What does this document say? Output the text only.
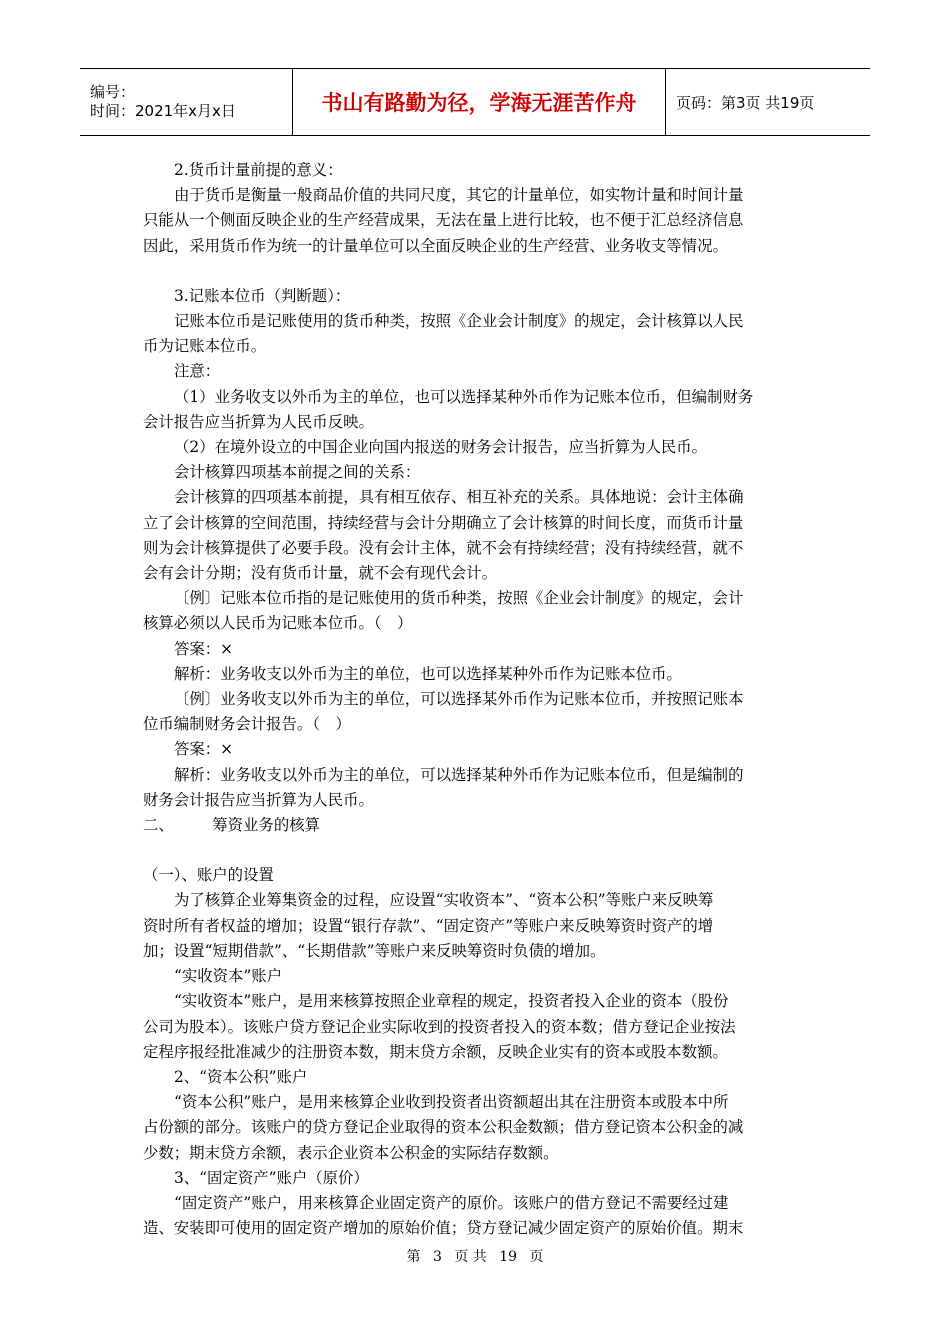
编号：
时间：2021年x月x日	书山有路勤为径，学海无涯苦作舟	页码：第3页 共19页

2.货币计量前提的意义：

由于货币是衡量一般商品价值的共同尺度，其它的计量单位，如实物计量和时间计量

只能从一个侧面反映企业的生产经营成果，无法在量上进行比较，也不便于汇总经济信息

因此，采用货币作为统一的计量单位可以全面反映企业的生产经营、业务收支等情况。

3.记账本位币（判断题）：

记账本位币是记账使用的货币种类，按照《企业会计制度》的规定，会计核算以人民

币为记账本位币。

注意：

（1）业务收支以外币为主的单位，也可以选择某种外币作为记账本位币，但编制财务

会计报告应当折算为人民币反映。

（2）在境外设立的中国企业向国内报送的财务会计报告，应当折算为人民币。

会计核算四项基本前提之间的关系：

会计核算的四项基本前提，具有相互依存、相互补充的关系。具体地说：会计主体确

立了会计核算的空间范围，持续经营与会计分期确立了会计核算的时间长度，而货币计量

则为会计核算提供了必要手段。没有会计主体，就不会有持续经营；没有持续经营，就不

会有会计分期；没有货币计量，就不会有现代会计。

〔例〕记账本位币指的是记账使用的货币种类，按照《企业会计制度》的规定，会计

核算必须以人民币为记账本位币。（　）

答案：×

解析：业务收支以外币为主的单位，也可以选择某种外币作为记账本位币。

〔例〕业务收支以外币为主的单位，可以选择某外币作为记账本位币，并按照记账本

位币编制财务会计报告。（　）

答案：×

解析：业务收支以外币为主的单位，可以选择某种外币作为记账本位币，但是编制的

财务会计报告应当折算为人民币。

二、　　　筹资业务的核算

（一）、账户的设置

为了核算企业筹集资金的过程，应设置“实收资本”、“资本公积”等账户来反映筹

资时所有者权益的增加；设置“银行存款”、“固定资产”等账户来反映筹资时资产的增

加；设置“短期借款”、“长期借款”等账户来反映筹资时负债的增加。

“实收资本”账户

“实收资本”账户，是用来核算按照企业章程的规定，投资者投入企业的资本（股份

公司为股本）。该账户贷方登记企业实际收到的投资者投入的资本数；借方登记企业按法

定程序报经批准减少的注册资本数，期末贷方余额，反映企业实有的资本或股本数额。

2、“资本公积”账户

“资本公积”账户，是用来核算企业收到投资者出资额超出其在注册资本或股本中所

占份额的部分。该账户的贷方登记企业取得的资本公积金数额；借方登记资本公积金的减

少数；期末贷方余额，表示企业资本公积金的实际结存数额。

3、“固定资产”账户（原价）

“固定资产”账户，用来核算企业固定资产的原价。该账户的借方登记不需要经过建

造、安装即可使用的固定资产增加的原始价值；贷方登记减少固定资产的原始价值。期末

第 3 页 共 19 页
